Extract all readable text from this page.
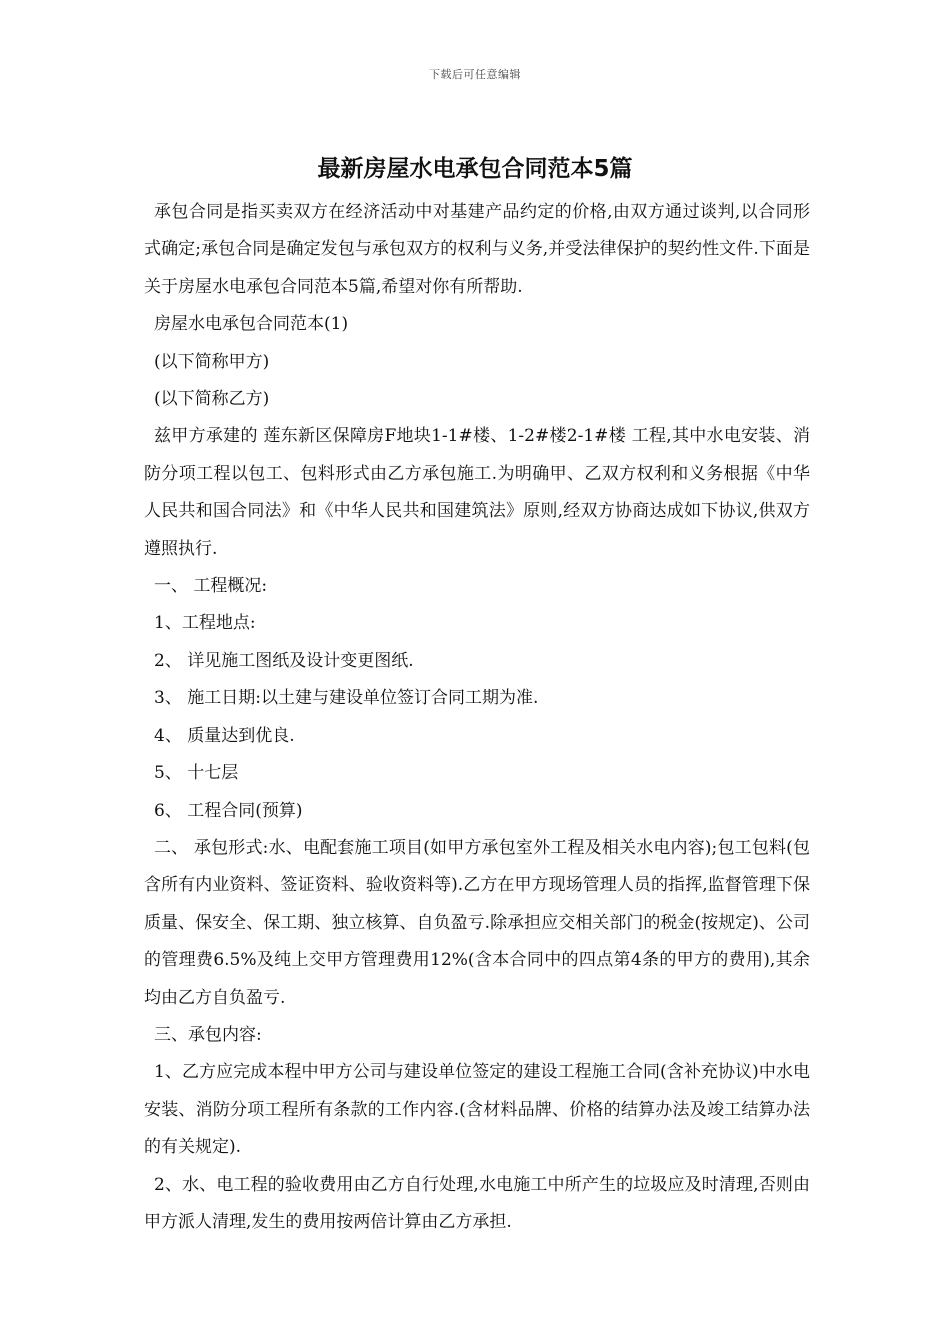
下载后可任意编辑
最新房屋水电承包合同范本5篇

承包合同是指买卖双方在经济活动中对基建产品约定的价格,由双方通过谈判,以合同形式确定;承包合同是确定发包与承包双方的权利与义务,并受法律保护的契约性文件.下面是关于房屋水电承包合同范本5篇,希望对你有所帮助.

房屋水电承包合同范本(1)

(以下简称甲方)

(以下简称乙方)

兹甲方承建的 莲东新区保障房F地块1-1#楼、1-2#楼2-1#楼 工程,其中水电安装、消防分项工程以包工、包料形式由乙方承包施工.为明确甲、乙双方权利和义务根据《中华人民共和国合同法》和《中华人民共和国建筑法》原则,经双方协商达成如下协议,供双方遵照执行.

一、 工程概况:

1、工程地点:

2、 详见施工图纸及设计变更图纸.

3、 施工日期:以土建与建设单位签订合同工期为准.

4、 质量达到优良.

5、 十七层

6、 工程合同(预算)

二、 承包形式:水、电配套施工项目(如甲方承包室外工程及相关水电内容);包工包料(包含所有内业资料、签证资料、验收资料等).乙方在甲方现场管理人员的指挥,监督管理下保质量、保安全、保工期、独立核算、自负盈亏.除承担应交相关部门的税金(按规定)、公司的管理费6.5%及纯上交甲方管理费用12%(含本合同中的四点第4条的甲方的费用),其余均由乙方自负盈亏.

三、承包内容:

1、乙方应完成本程中甲方公司与建设单位签定的建设工程施工合同(含补充协议)中水电安装、消防分项工程所有条款的工作内容.(含材料品牌、价格的结算办法及竣工结算办法的有关规定).

2、水、电工程的验收费用由乙方自行处理,水电施工中所产生的垃圾应及时清理,否则由甲方派人清理,发生的费用按两倍计算由乙方承担.
